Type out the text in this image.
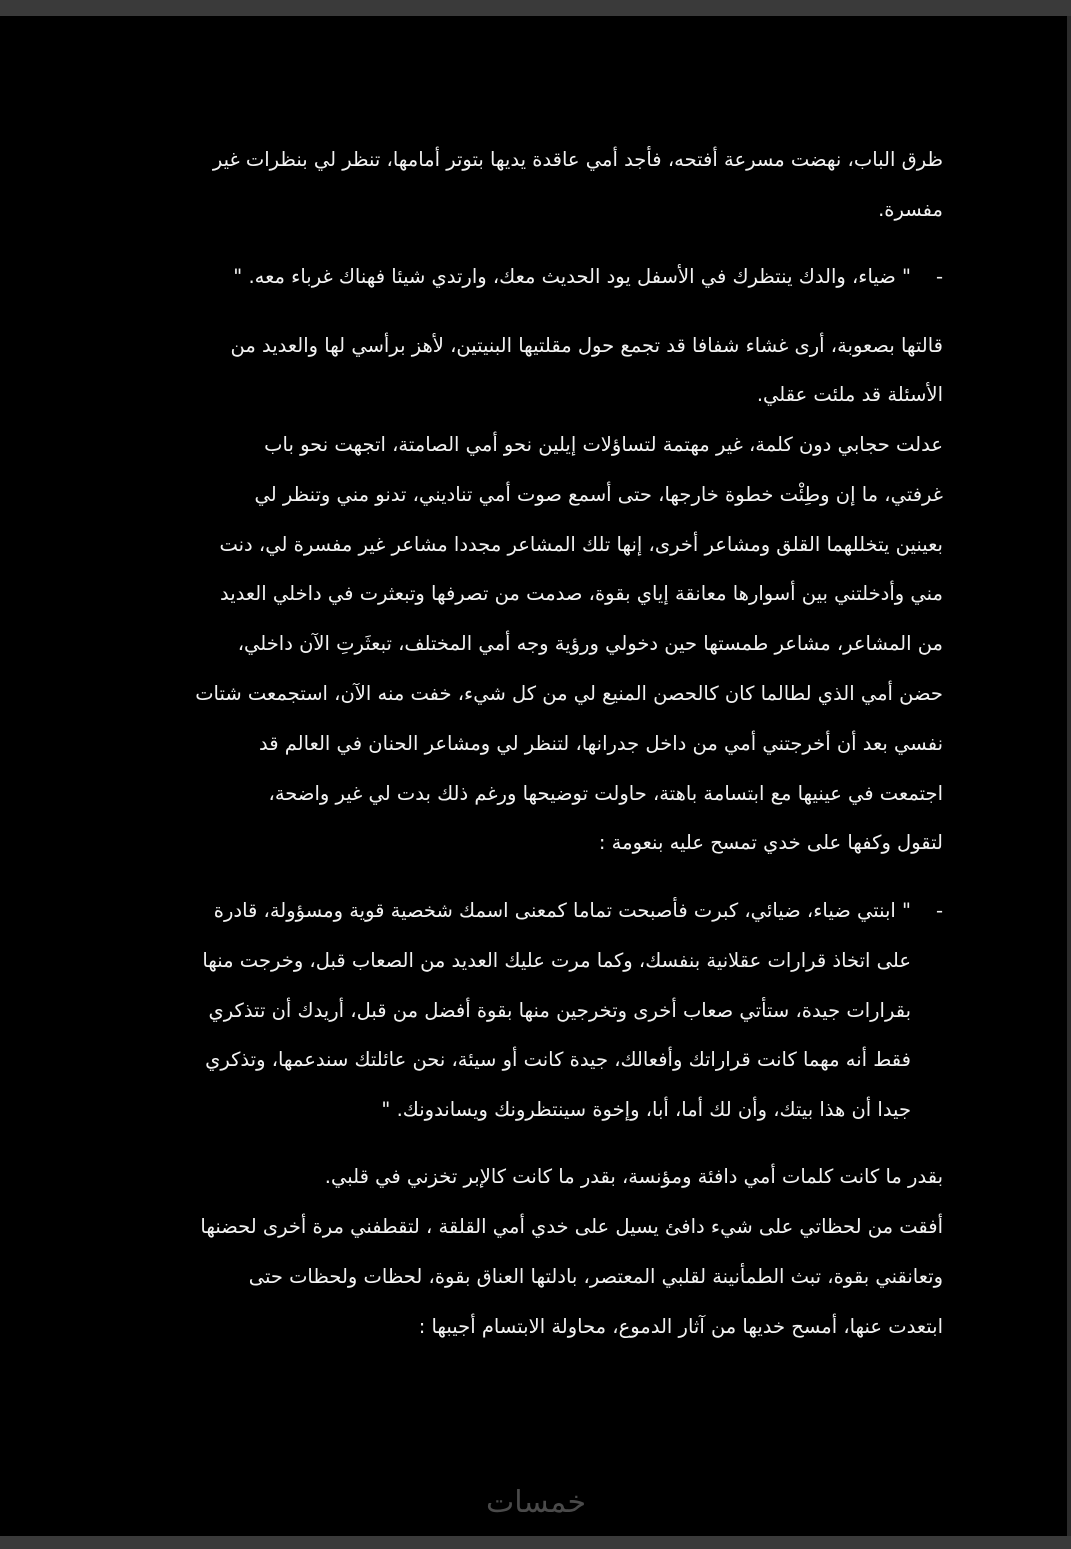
ظرق الباب، نهضت مسرعة أفتحه، فأجد أمي عاقدة يديها بتوتر أمامها، تنظر لي بنظرات غير

مفسرة.

-

" ضياء، والدك ينتظرك في الأسفل يود الحديث معك، وارتدي شيئا فهناك غرباء معه. "

قالتها بصعوبة، أرى غشاء شفافا قد تجمع حول مقلتيها البنيتين، لأهز برأسي لها والعديد من

الأسئلة قد ملئت عقلي.

عدلت حجابي دون كلمة، غير مهتمة لتساؤلات إيلين نحو أمي الصامتة، اتجهت نحو باب

غرفتي، ما إن وطِئْت خطوة خارجها، حتى أسمع صوت أمي تناديني، تدنو مني وتنظر لي

بعينين يتخللهما القلق ومشاعر أخرى، إنها تلك المشاعر مجددا مشاعر غير مفسرة لي، دنت

مني وأدخلتني بين أسوارها معانقة إياي بقوة، صدمت من تصرفها وتبعثرت في داخلي العديد

من المشاعر، مشاعر طمستها حين دخولي ورؤية وجه أمي المختلف، تبعثَرتِ الآن داخلي،

حضن أمي الذي لطالما كان كالحصن المنيع لي من كل شيء، خفت منه الآن، استجمعت شتات

نفسي بعد أن أخرجتني أمي من داخل جدرانها، لتنظر لي ومشاعر الحنان في العالم قد

اجتمعت في عينيها مع ابتسامة باهتة، حاولت توضيحها ورغم ذلك بدت لي غير واضحة،

لتقول وكفها على خدي تمسح عليه بنعومة :

-

" ابنتي ضياء، ضيائي، كبرت فأصبحت تماما كمعنى اسمك شخصية قوية ومسؤولة، قادرة

على اتخاذ قرارات عقلانية بنفسك، وكما مرت عليك العديد من الصعاب قبل، وخرجت منها

بقرارات جيدة، ستأتي صعاب أخرى وتخرجين منها بقوة أفضل من قبل، أريدك أن تتذكري

فقط أنه مهما كانت قراراتك وأفعالك، جيدة كانت أو سيئة، نحن عائلتك سندعمها، وتذكري

جيدا أن هذا بيتك، وأن لك أما، أبا، وإخوة سينتظرونك ويساندونك. "

بقدر ما كانت كلمات أمي دافئة ومؤنسة، بقدر ما كانت كالإبر تخزني في قلبي.

أفقت من لحظاتي على شيء دافئ يسيل على خدي أمي القلقة ، لتقطفني مرة أخرى لحضنها

وتعانقني بقوة، تبث الطمأنينة لقلبي المعتصر، بادلتها العناق بقوة، لحظات ولحظات حتى

ابتعدت عنها، أمسح خديها من آثار الدموع، محاولة الابتسام أجيبها :

خمسات
